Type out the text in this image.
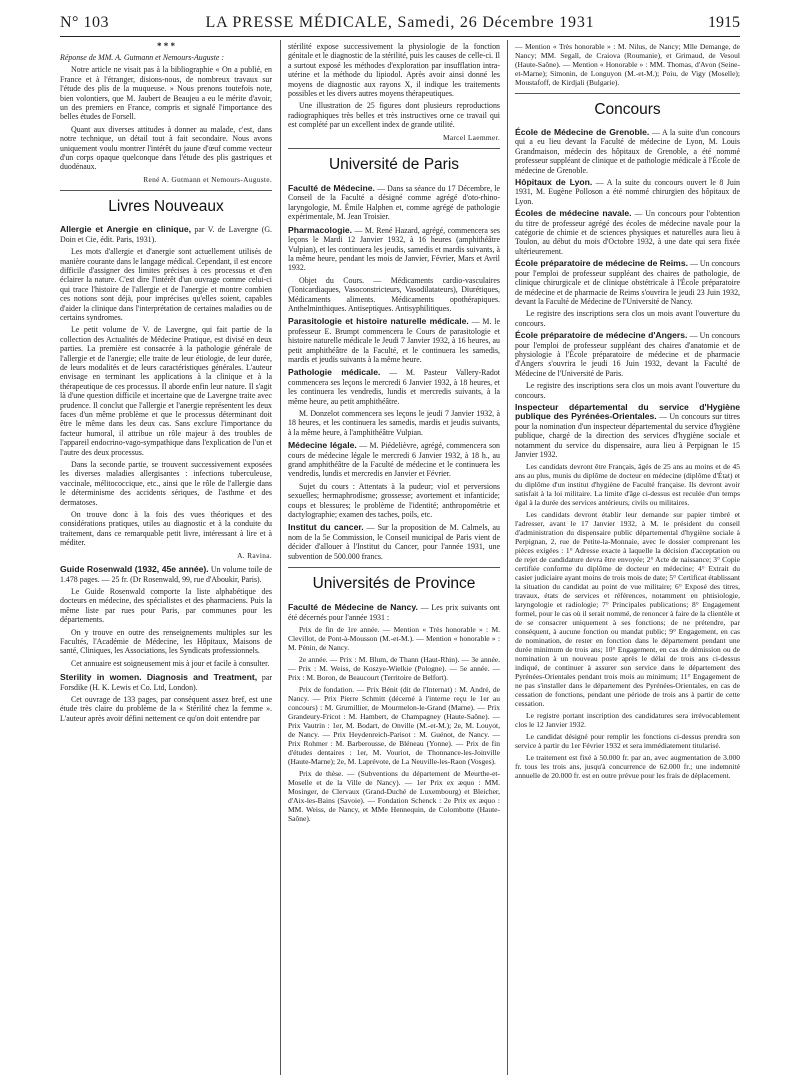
N° 103	LA PRESSE MÉDICALE, Samedi, 26 Décembre 1931	1915
* * *

Réponse de MM. A. Gutmann et Nemours-Auguste :

Notre article ne visait pas à la bibliographie « On a publié, en France et à l'étranger, disions-nous, de nombreux travaux sur l'étude des plis de la muqueuse. » Nous prenons toutefois note, bien volontiers, que M. Jaubert de Beaujeu a eu le mérite d'avoir, un des premiers en France, compris et signalé l'importance des belles études de Forsell.

Quant aux diverses attitudes à donner au malade, c'est, dans notre technique, un détail tout à fait secondaire. Nous avons uniquement voulu montrer l'intérêt du jaune d'œuf comme vecteur d'un corps opaque quelconque dans l'étude des plis gastriques et duodénaux.

René A. Gutmann et Nemours-Auguste.
Livres Nouveaux

Allergie et Anergie en clinique, par V. de Lavergne (G. Doin et Cie, édit. Paris, 1931).

Les mots d'allergie et d'anergie sont actuellement utilisés de manière courante dans le langage médical. Cependant, il est encore difficile d'assigner des limites précises à ces processus et d'en éclairer la nature. C'est dire l'intérêt d'un ouvrage comme celui-ci qui trace l'histoire de l'allergie et de l'anergie et montre combien ces notions sont déjà, pour imprécises qu'elles soient, capables d'aider la clinique dans l'interprétation de certaines maladies ou de certains syndromes.

Le petit volume de V. de Lavergne, qui fait partie de la collection des Actualités de Médecine Pratique, est divisé en deux parties. La première est consacrée à la pathologie générale de l'allergie et de l'anergie; elle traite de leur étiologie, de leur durée, de leurs modalités et de leurs caractéristiques générales. L'auteur envisage en terminant les applications à la clinique et à la thérapeutique de ces processus. Il aborde enfin leur nature. Il s'agit là d'une question difficile et incertaine que de Lavergne traite avec prudence. Il conclut que l'allergie et l'anergie représentent les deux faces d'un même problème et que le processus déterminant doit être le même dans les deux cas. Sans exclure l'importance du facteur humoral, il attribue un rôle majeur à des troubles de l'appareil endocrino-vago-sympathique dans l'explication de l'un et l'autre des deux processus.

Dans la seconde partie, se trouvent successivement exposées les diverses maladies allergisantes : infections tuberculeuse, vaccinale, mélitococcique, etc., ainsi que le rôle de l'allergie dans le déterminisme des accidents sériques, de l'asthme et des dermatoses.

On trouve donc à la fois des vues théoriques et des considérations pratiques, utiles au diagnostic et à la conduite du traitement, dans ce remarquable petit livre, intéressant à lire et à méditer.

A. Ravina.

Guide Rosenwald (1932, 45e année). Un volume toile de 1.478 pages. — 25 fr. (Dr Rosenwald, 99, rue d'Aboukir, Paris).

Le Guide Rosenwald comporte la liste alphabétique des docteurs en médecine, des spécialistes et des pharmaciens. Puis la même liste par rues pour Paris, par communes pour les départements.

On y trouve en outre des renseignements multiples sur les Facultés, l'Académie de Médecine, les Hôpitaux, Maisons de santé, Cliniques, les Associations, les Syndicats professionnels.

Cet annuaire est soigneusement mis à jour et facile à consulter.

Sterility in women. Diagnosis and Treatment, par Forsdike (H. K. Lewis et Co. Ltd, London).

Cet ouvrage de 133 pages, par conséquent assez bref, est une étude très claire du problème de la « Stérilité chez la femme ». L'auteur après avoir défini nettement ce qu'on doit entendre par

stérilité expose successivement la physiologie de la fonction génitale et le diagnostic de la stérilité, puis les causes de celle-ci. Il a surtout exposé les méthodes d'exploration par insufflation intra-utérine et la méthode du lipiodol. Après avoir ainsi donné les moyens de diagnostic aux rayons X, il indique les traitements possibles et les divers autres moyens thérapeutiques.

Une illustration de 25 figures dont plusieurs reproductions radiographiques très belles et très instructives orne ce travail qui est complété par un excellent index de grande utilité.

Marcel Laemmer.
Université de Paris

Faculté de Médecine. — Dans sa séance du 17 Décembre, le Conseil de la Faculté a désigné comme agrégé d'oto-rhino-laryngologie, M. Émile Halphen et, comme agrégé de pathologie expérimentale, M. Jean Troisier.

Pharmacologie. — M. René Hazard, agrégé, commencera ses leçons le Mardi 12 Janvier 1932, à 16 heures (amphithéâtre Vulpian), et les continuera les jeudis, samedis et mardis suivants, à la même heure, pendant les mois de Janvier, Février, Mars et Avril 1932.

Objet du Cours. — Médicaments cardio-vasculaires (Tonicardiaques, Vasoconstricteurs, Vasodilatateurs), Diurétiques, Médicaments aliments. Médicaments opothérapiques. Anthelminthiques. Antiseptiques. Antisyphilitiques.

Parasitologie et histoire naturelle médicale. — M. le professeur E. Brumpt commencera le Cours de parasitologie et histoire naturelle médicale le Jeudi 7 Janvier 1932, à 16 heures, au petit amphithéâtre de la Faculté, et le continuera les samedis, mardis et jeudis suivants à la même heure.

Pathologie médicale. — M. Pasteur Vallery-Radot commencera ses leçons le mercredi 6 Janvier 1932, à 18 heures, et les continuera les vendredis, lundis et mercredis suivants, à la même heure, au petit amphithéâtre.

M. Donzelot commencera ses leçons le jeudi 7 Janvier 1932, à 18 heures, et les continuera les samedis, mardis et jeudis suivants, à la même heure, à l'amphithéâtre Vulpian.

Médecine légale. — M. Piédelièvre, agrégé, commencera son cours de médecine légale le mercredi 6 Janvier 1932, à 18 h., au grand amphithéâtre de la Faculté de médecine et le continuera les vendredis, lundis et mercredis en Janvier et Février.

Sujet du cours : Attentats à la pudeur; viol et perversions sexuelles; hermaphrodisme; grossesse; avortement et infanticide; coups et blessures; le problème de l'identité; anthropométrie et dactylographie; examen des taches, poils, etc.

Institut du cancer. — Sur la proposition de M. Calmels, au nom de la 5e Commission, le Conseil municipal de Paris vient de décider d'allouer à l'Institut du Cancer, pour l'année 1931, une subvention de 500.000 francs.

Universités de Province

Faculté de Médecine de Nancy. — Les prix suivants ont été décernés pour l'année 1931 :

Prix de fin de 1re année. — Mention « Très honorable » : M. Clevillot, de Pont-à-Mousson (M.-et-M.). — Mention « honorable » : M. Pénin, de Nancy.

2e année. — Prix : M. Blum, de Thann (Haut-Rhin). — 3e année. — Prix : M. Weiss, de Koszye-Wielkie (Pologne). — 5e année. — Prix : M. Boron, de Beaucourt (Territoire de Belfort).

Prix de fondation. — Prix Bénit (dit de l'Internat) : M. André, de Nancy. — Prix Pierre Schmitt (décerné à l'interne reçu le 1er au concours) : M. Grumillier, de Mourmelon-le-Grand (Marne). — Prix Grandeury-Fricot : M. Hambert, de Champagney (Haute-Saône). — Prix Vautrin : 1er, M. Bodart, de Onville (M.-et-M.); 2e, M. Louyot, de Nancy. — Prix Heydenreich-Parisot : M. Guénot, de Nancy. — Prix Rohmer : M. Barberousse, de Bléneau (Yonne). — Prix de fin d'études dentaires : 1er, M. Vouriot, de Thonnance-les-Joinville (Haute-Marne); 2e, M. Laprévote, de La Neuville-les-Raon (Vosges).

Prix de thèse. — (Subventions du département de Meurthe-et-Moselle et de la Ville de Nancy). — 1er Prix ex æquo : MM. Mosinger, de Clervaux (Grand-Duché de Luxembourg) et Bleicher, d'Aix-les-Bains (Savoie). — Fondation Schenck : 2e Prix ex æquo : MM. Weiss, de Nancy, et MMe Hennequin, de Colombotte (Haute-Saône).

— Mention « Très honorable » : M. Nilus, de Nancy; Mlle Demange, de Nancy; MM. Segall, de Craiova (Roumanie), et Grimaud, de Vesoul (Haute-Saône). — Mention « Honorable » : MM. Thomas, d'Avon (Seine-et-Marne); Simonin, de Longuyon (M.-et-M.); Poiu, de Vigy (Moselle); Moustafoff, de Kirdjali (Bulgarie).

Concours

École de Médecine de Grenoble. — A la suite d'un concours qui a eu lieu devant la Faculté de médecine de Lyon, M. Louis Grandmaison, médecin des hôpitaux de Grenoble, a été nommé professeur suppléant de clinique et de pathologie médicale à l'École de médecine de Grenoble.

Hôpitaux de Lyon. — A la suite du concours ouvert le 8 Juin 1931, M. Eugène Polloson a été nommé chirurgien des hôpitaux de Lyon.

Écoles de médecine navale. — Un concours pour l'obtention du titre de professeur agrégé des écoles de médecine navale pour la catégorie de chimie et de sciences physiques et naturelles aura lieu à Toulon, au début du mois d'Octobre 1932, à une date qui sera fixée ultérieurement.

École préparatoire de médecine de Reims. — Un concours pour l'emploi de professeur suppléant des chaires de pathologie, de clinique chirurgicale et de clinique obstétricale à l'École préparatoire de médecine et de pharmacie de Reims s'ouvrira le jeudi 23 Juin 1932, devant la Faculté de Médecine de l'Université de Nancy.

Le registre des inscriptions sera clos un mois avant l'ouverture du concours.

École préparatoire de médecine d'Angers. — Un concours pour l'emploi de professeur suppléant des chaires d'anatomie et de physiologie à l'École préparatoire de médecine et de pharmacie d'Angers s'ouvrira le jeudi 16 Juin 1932, devant la Faculté de Médecine de l'Université de Paris.

Le registre des inscriptions sera clos un mois avant l'ouverture du concours.

Inspecteur départemental du service d'Hygiène publique des Pyrénées-Orientales. — Un concours sur titres pour la nomination d'un inspecteur départemental du service d'hygiène publique, chargé de la direction des services d'hygiène sociale et notamment du service du dispensaire, aura lieu à Perpignan le 15 Janvier 1932.

Les candidats devront être Français, âgés de 25 ans au moins et de 45 ans au plus, munis du diplôme de docteur en médecine (diplôme d'État) et du diplôme d'un institut d'hygiène de Faculté française. Ils devront avoir satisfait à la loi militaire. La limite d'âge ci-dessus est reculée d'un temps égal à la durée des services antérieurs, civils ou militaires.

Les candidats devront établir leur demande sur papier timbré et l'adresser, avant le 17 Janvier 1932, à M. le président du conseil d'administration du dispensaire public départemental d'hygiène sociale à Perpignan, 2, rue de Petite-la-Monnaie, avec le dossier comprenant les pièces exigées : 1° Adresse exacte à laquelle la décision d'acceptation ou de rejet de candidature devra être envoyée; 2° Acte de naissance; 3° Copie certifiée conforme du diplôme de docteur en médecine; 4° Extrait du casier judiciaire ayant moins de trois mois de date; 5° Certificat établissant la situation du candidat au point de vue militaire; 6° Exposé des titres, travaux, états de services et références, notamment en phtisiologie, laryngologie et radiologie; 7° Principales publications; 8° Engagement formel, pour le cas où il serait nommé, de renoncer à faire de la clientèle et de se consacrer uniquement à ses fonctions; de ne prétendre, par conséquent, à aucune fonction ou mandat public; 9° Engagement, en cas de nomination, de rester en fonction dans le département pendant une durée minimum de trois ans; 10° Engagement, en cas de démission ou de nomination à un nouveau poste après le délai de trois ans ci-dessus indiqué, de continuer à assurer son service dans le département des Pyrénées-Orientales pendant trois mois au minimum; 11° Engagement de ne pas s'installer dans le département des Pyrénées-Orientales, en cas de cessation de fonctions, pendant une période de trois ans à partir de cette cessation.

Le registre portant inscription des candidatures sera irrévocablement clos le 12 Janvier 1932.

Le candidat désigné pour remplir les fonctions ci-dessus prendra son service à partir du 1er Février 1932 et sera immédiatement titularisé.

Le traitement est fixé à 50.000 fr. par an, avec augmentation de 3.000 fr. tous les trois ans, jusqu'à concurrence de 62.000 fr.; une indemnité annuelle de 20.000 fr. est en outre prévue pour les frais de déplacement.
